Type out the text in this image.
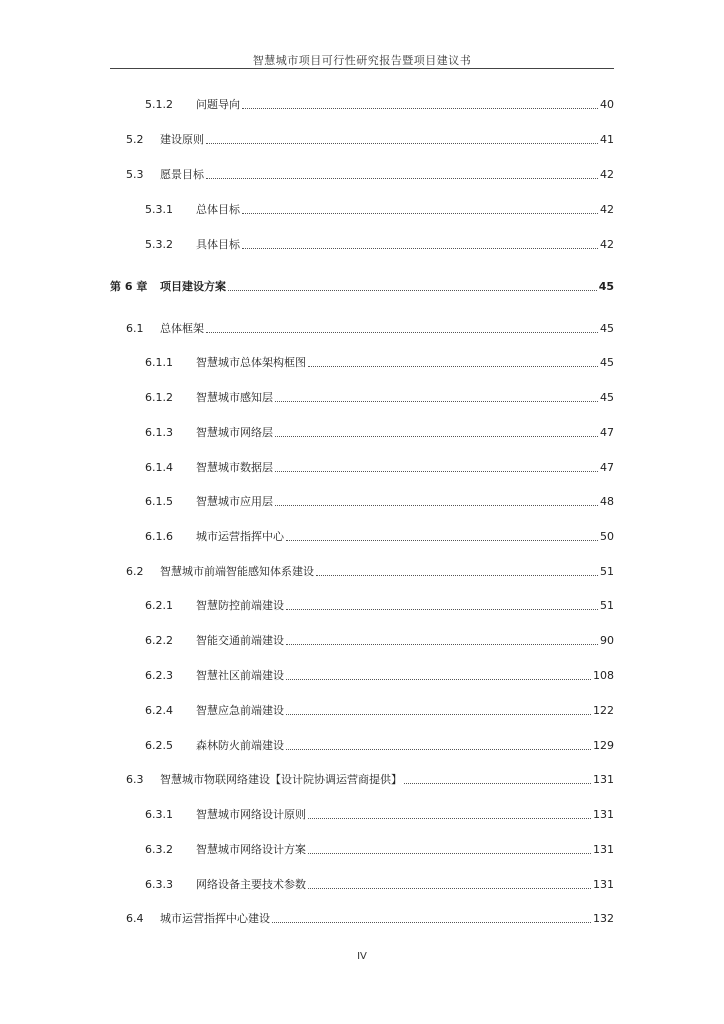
智慧城市项目可行性研究报告暨项目建议书
5.1.2	问题导向	40
5.2	建设原则	41
5.3	愿景目标	42
5.3.1	总体目标	42
5.3.2	具体目标	42
第 6 章	项目建设方案	45
6.1	总体框架	45
6.1.1	智慧城市总体架构框图	45
6.1.2	智慧城市感知层	45
6.1.3	智慧城市网络层	47
6.1.4	智慧城市数据层	47
6.1.5	智慧城市应用层	48
6.1.6	城市运营指挥中心	50
6.2	智慧城市前端智能感知体系建设	51
6.2.1	智慧防控前端建设	51
6.2.2	智能交通前端建设	90
6.2.3	智慧社区前端建设	108
6.2.4	智慧应急前端建设	122
6.2.5	森林防火前端建设	129
6.3	智慧城市物联网络建设【设计院协调运营商提供】	131
6.3.1	智慧城市网络设计原则	131
6.3.2	智慧城市网络设计方案	131
6.3.3	网络设备主要技术参数	131
6.4	城市运营指挥中心建设	132
IV
